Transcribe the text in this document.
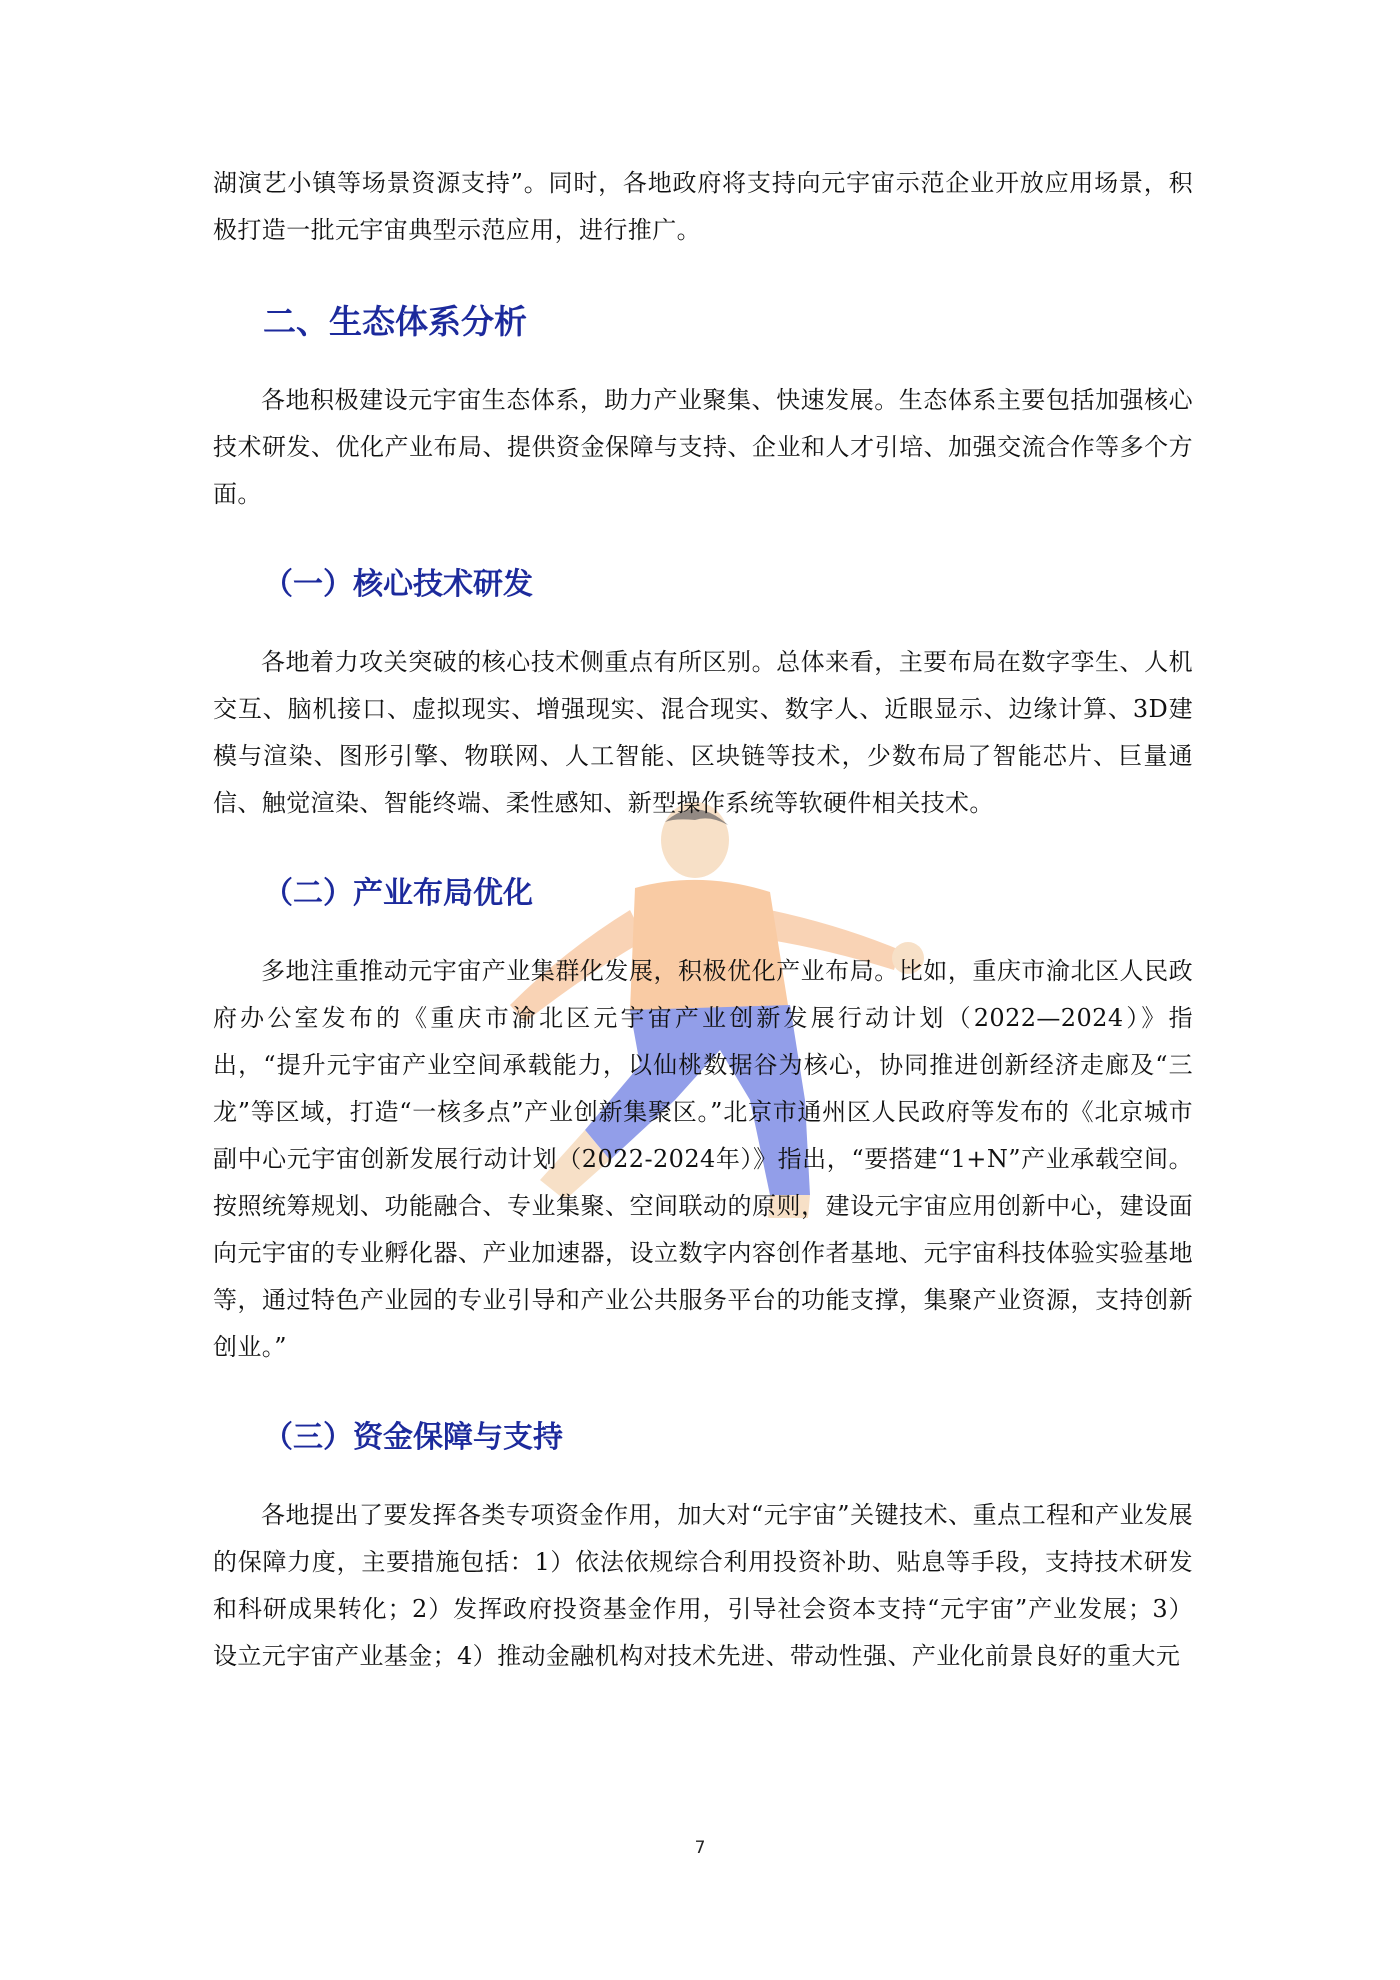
湖演艺小镇等场景资源支持”。同时，各地政府将支持向元宇宙示范企业开放应用场景，积极打造一批元宇宙典型示范应用，进行推广。

二、生态体系分析

各地积极建设元宇宙生态体系，助力产业聚集、快速发展。生态体系主要包括加强核心技术研发、优化产业布局、提供资金保障与支持、企业和人才引培、加强交流合作等多个方面。

（一）核心技术研发

各地着力攻关突破的核心技术侧重点有所区别。总体来看，主要布局在数字孪生、人机交互、脑机接口、虚拟现实、增强现实、混合现实、数字人、近眼显示、边缘计算、3D建模与渲染、图形引擎、物联网、人工智能、区块链等技术，少数布局了智能芯片、巨量通信、触觉渲染、智能终端、柔性感知、新型操作系统等软硬件相关技术。

（二）产业布局优化

多地注重推动元宇宙产业集群化发展，积极优化产业布局。比如，重庆市渝北区人民政府办公室发布的《重庆市渝北区元宇宙产业创新发展行动计划（2022—2024）》指出，“提升元宇宙产业空间承载能力，以仙桃数据谷为核心，协同推进创新经济走廊及“三龙”等区域，打造“一核多点”产业创新集聚区。”北京市通州区人民政府等发布的《北京城市副中心元宇宙创新发展行动计划（2022-2024年）》指出，“要搭建“1+N”产业承载空间。按照统筹规划、功能融合、专业集聚、空间联动的原则，建设元宇宙应用创新中心，建设面向元宇宙的专业孵化器、产业加速器，设立数字内容创作者基地、元宇宙科技体验实验基地等，通过特色产业园的专业引导和产业公共服务平台的功能支撑，集聚产业资源，支持创新创业。”

（三）资金保障与支持

各地提出了要发挥各类专项资金作用，加大对“元宇宙”关键技术、重点工程和产业发展的保障力度，主要措施包括：1）依法依规综合利用投资补助、贴息等手段，支持技术研发和科研成果转化；2）发挥政府投资基金作用，引导社会资本支持“元宇宙”产业发展；3）设立元宇宙产业基金；4）推动金融机构对技术先进、带动性强、产业化前景良好的重大元

7
